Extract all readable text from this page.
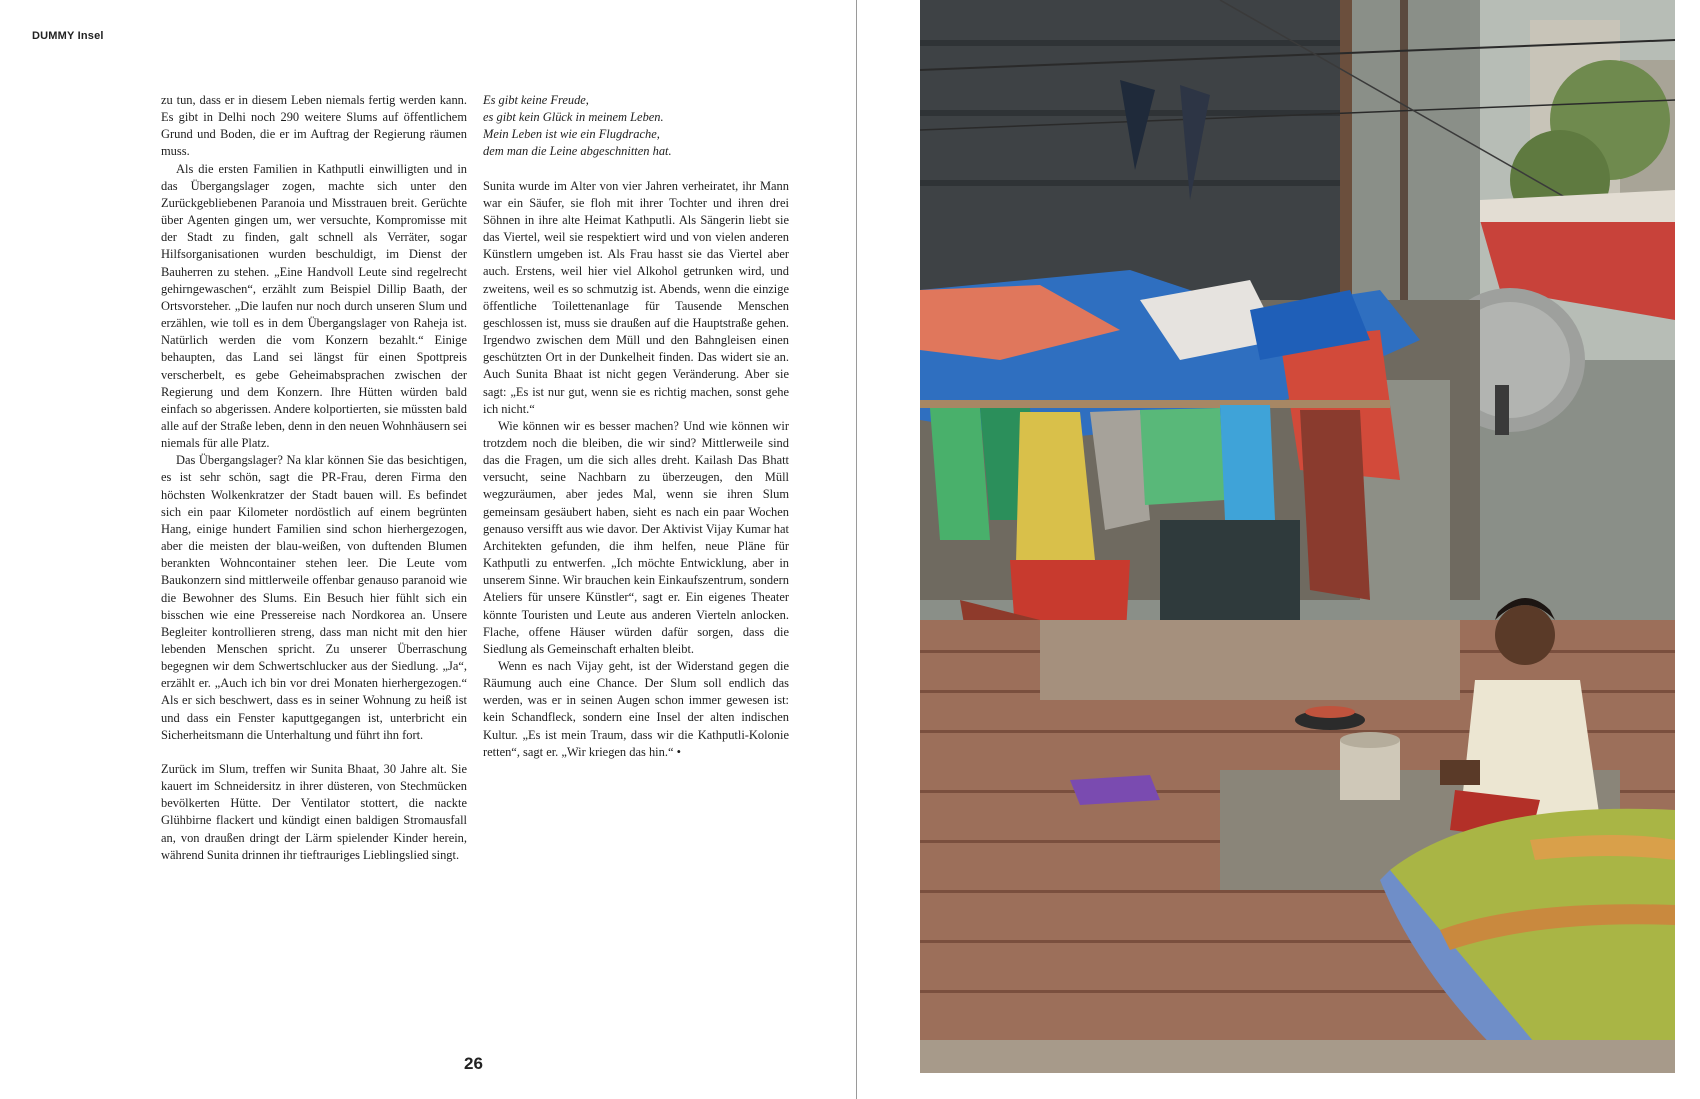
DUMMY Insel

zu tun, dass er in diesem Leben niemals fertig werden kann. Es gibt in Delhi noch 290 weitere Slums auf öffentlichem Grund und Boden, die er im Auftrag der Regierung räumen muss.

Als die ersten Familien in Kathputli einwilligten und in das Übergangslager zogen, machte sich unter den Zurückgebliebenen Paranoia und Misstrauen breit. Gerüchte über Agenten gingen um, wer versuchte, Kompromisse mit der Stadt zu finden, galt schnell als Verräter, sogar Hilfsorganisationen wurden beschuldigt, im Dienst der Bauherren zu stehen. „Eine Handvoll Leute sind regelrecht gehirngewaschen“, erzählt zum Beispiel Dillip Baath, der Ortsvorsteher. „Die laufen nur noch durch unseren Slum und erzählen, wie toll es in dem Übergangslager von Raheja ist. Natürlich werden die vom Konzern bezahlt.“ Einige behaupten, das Land sei längst für einen Spottpreis verscherbelt, es gebe Geheimabsprachen zwischen der Regierung und dem Konzern. Ihre Hütten würden bald einfach so abgerissen. Andere kolportierten, sie müssten bald alle auf der Straße leben, denn in den neuen Wohnhäusern sei niemals für alle Platz.

Das Übergangslager? Na klar können Sie das besichtigen, es ist sehr schön, sagt die PR-Frau, deren Firma den höchsten Wolkenkratzer der Stadt bauen will. Es befindet sich ein paar Kilometer nordöstlich auf einem begrünten Hang, einige hundert Familien sind schon hierhergezogen, aber die meisten der blau-weißen, von duftenden Blumen berankten Wohncontainer stehen leer. Die Leute vom Baukonzern sind mittlerweile offenbar genauso paranoid wie die Bewohner des Slums. Ein Besuch hier fühlt sich ein bisschen wie eine Pressereise nach Nordkorea an. Unsere Begleiter kontrollieren streng, dass man nicht mit den hier lebenden Menschen spricht. Zu unserer Überraschung begegnen wir dem Schwertschlucker aus der Siedlung. „Ja“, erzählt er. „Auch ich bin vor drei Monaten hierhergezogen.“ Als er sich beschwert, dass es in seiner Wohnung zu heiß ist und dass ein Fenster kaputtgegangen ist, unterbricht ein Sicherheitsmann die Unterhaltung und führt ihn fort.

Zurück im Slum, treffen wir Sunita Bhaat, 30 Jahre alt. Sie kauert im Schneidersitz in ihrer düsteren, von Stechmücken bevölkerten Hütte. Der Ventilator stottert, die nackte Glühbirne flackert und kündigt einen baldigen Stromausfall an, von draußen dringt der Lärm spielender Kinder herein, während Sunita drinnen ihr tieftrauriges Lieblingslied singt.

Es gibt keine Freude,
es gibt kein Glück in meinem Leben.
Mein Leben ist wie ein Flugdrache,
dem man die Leine abgeschnitten hat.

Sunita wurde im Alter von vier Jahren verheiratet, ihr Mann war ein Säufer, sie floh mit ihrer Tochter und ihren drei Söhnen in ihre alte Heimat Kathputli. Als Sängerin liebt sie das Viertel, weil sie respektiert wird und von vielen anderen Künstlern umgeben ist. Als Frau hasst sie das Viertel aber auch. Erstens, weil hier viel Alkohol getrunken wird, und zweitens, weil es so schmutzig ist. Abends, wenn die einzige öffentliche Toilettenanlage für Tausende Menschen geschlossen ist, muss sie draußen auf die Hauptstraße gehen. Irgendwo zwischen dem Müll und den Bahngleisen einen geschützten Ort in der Dunkelheit finden. Das widert sie an. Auch Sunita Bhaat ist nicht gegen Veränderung. Aber sie sagt: „Es ist nur gut, wenn sie es richtig machen, sonst gehe ich nicht.“

Wie können wir es besser machen? Und wie können wir trotzdem noch die bleiben, die wir sind? Mittlerweile sind das die Fragen, um die sich alles dreht. Kailash Das Bhatt versucht, seine Nachbarn zu überzeugen, den Müll wegzuräumen, aber jedes Mal, wenn sie ihren Slum gemeinsam gesäubert haben, sieht es nach ein paar Wochen genauso versifft aus wie davor. Der Aktivist Vijay Kumar hat Architekten gefunden, die ihm helfen, neue Pläne für Kathputli zu entwerfen. „Ich möchte Entwicklung, aber in unserem Sinne. Wir brauchen kein Einkaufszentrum, sondern Ateliers für unsere Künstler“, sagt er. Ein eigenes Theater könnte Touristen und Leute aus anderen Vierteln anlocken. Flache, offene Häuser würden dafür sorgen, dass die Siedlung als Gemeinschaft erhalten bleibt.

Wenn es nach Vijay geht, ist der Widerstand gegen die Räumung auch eine Chance. Der Slum soll endlich das werden, was er in seinen Augen schon immer gewesen ist: kein Schandfleck, sondern eine Insel der alten indischen Kultur. „Es ist mein Traum, dass wir die Kathputli-Kolonie retten“, sagt er. „Wir kriegen das hin.“ •

26
